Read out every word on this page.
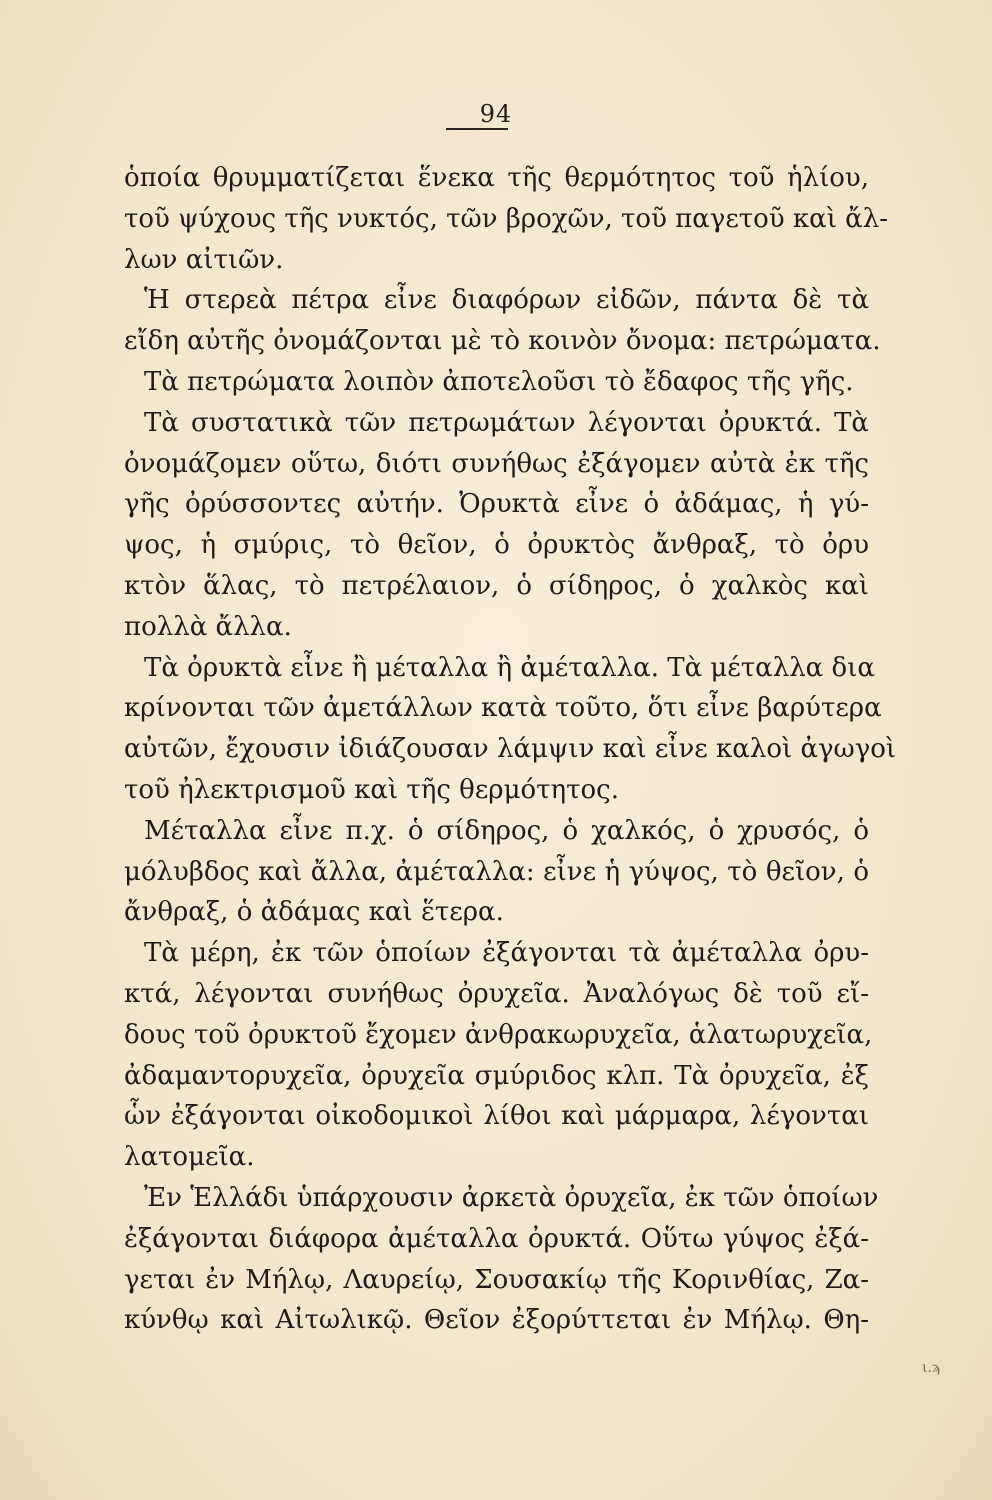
94
ὁποία θρυμματίζεται ἕνεκα τῆς θερμότητος τοῦ ἡλίου,
τοῦ ψύχους τῆς νυκτός, τῶν βροχῶν, τοῦ παγετοῦ καὶ ἄλ-
λων αἰτιῶν.
Ἡ στερεὰ πέτρα εἶνε διαφόρων εἰδῶν, πάντα δὲ τὰ
εἴδη αὐτῆς ὀνομάζονται μὲ τὸ κοινὸν ὄνομα: πετρώματα.
Τὰ πετρώματα λοιπὸν ἀποτελοῦσι τὸ ἔδαφος τῆς γῆς.
Τὰ συστατικὰ τῶν πετρωμάτων λέγονται ὀρυκτά. Τὰ
ὀνομάζομεν οὕτω, διότι συνήθως ἐξάγομεν αὐτὰ ἐκ τῆς
γῆς ὀρύσσοντες αὐτήν. Ὀρυκτὰ εἶνε ὁ ἀδάμας, ἡ γύ-
ψος, ἡ σμύρις, τὸ θεῖον, ὁ ὀρυκτὸς ἄνθραξ, τὸ ὀρυ
κτὸν ἅλας, τὸ πετρέλαιον, ὁ σίδηρος, ὁ χαλκὸς καὶ
πολλὰ ἄλλα.
Τὰ ὀρυκτὰ εἶνε ἢ μέταλλα ἢ ἀμέταλλα. Τὰ μέταλλα δια
κρίνονται τῶν ἀμετάλλων κατὰ τοῦτο, ὅτι εἶνε βαρύτερα
αὐτῶν, ἔχουσιν ἰδιάζουσαν λάμψιν καὶ εἶνε καλοὶ ἀγωγοὶ
τοῦ ἠλεκτρισμοῦ καὶ τῆς θερμότητος.
Μέταλλα εἶνε π.χ. ὁ σίδηρος, ὁ χαλκός, ὁ χρυσός, ὁ
μόλυβδος καὶ ἄλλα, ἀμέταλλα: εἶνε ἡ γύψος, τὸ θεῖον, ὁ
ἄνθραξ, ὁ ἀδάμας καὶ ἕτερα.
Τὰ μέρη, ἐκ τῶν ὁποίων ἐξάγονται τὰ ἀμέταλλα ὀρυ-
κτά, λέγονται συνήθως ὀρυχεῖα. Ἀναλόγως δὲ τοῦ εἴ-
δους τοῦ ὀρυκτοῦ ἔχομεν ἀνθρακωρυχεῖα, ἁλατωρυχεῖα,
ἀδαμαντορυχεῖα, ὀρυχεῖα σμύριδος κλπ. Τὰ ὀρυχεῖα, ἐξ
ὧν ἐξάγονται οἰκοδομικοὶ λίθοι καὶ μάρμαρα, λέγονται
λατομεῖα.
Ἐν Ἑλλάδι ὑπάρχουσιν ἀρκετὰ ὀρυχεῖα, ἐκ τῶν ὁποίων
ἐξάγονται διάφορα ἀμέταλλα ὀρυκτά. Οὕτω γύψος ἐξά-
γεται ἐν Μήλῳ, Λαυρείῳ, Σουσακίῳ τῆς Κορινθίας, Ζα-
κύνθῳ καὶ Αἰτωλικῷ. Θεῖον ἐξορύττεται ἐν Μήλῳ. Θη-
ι.ϡ
